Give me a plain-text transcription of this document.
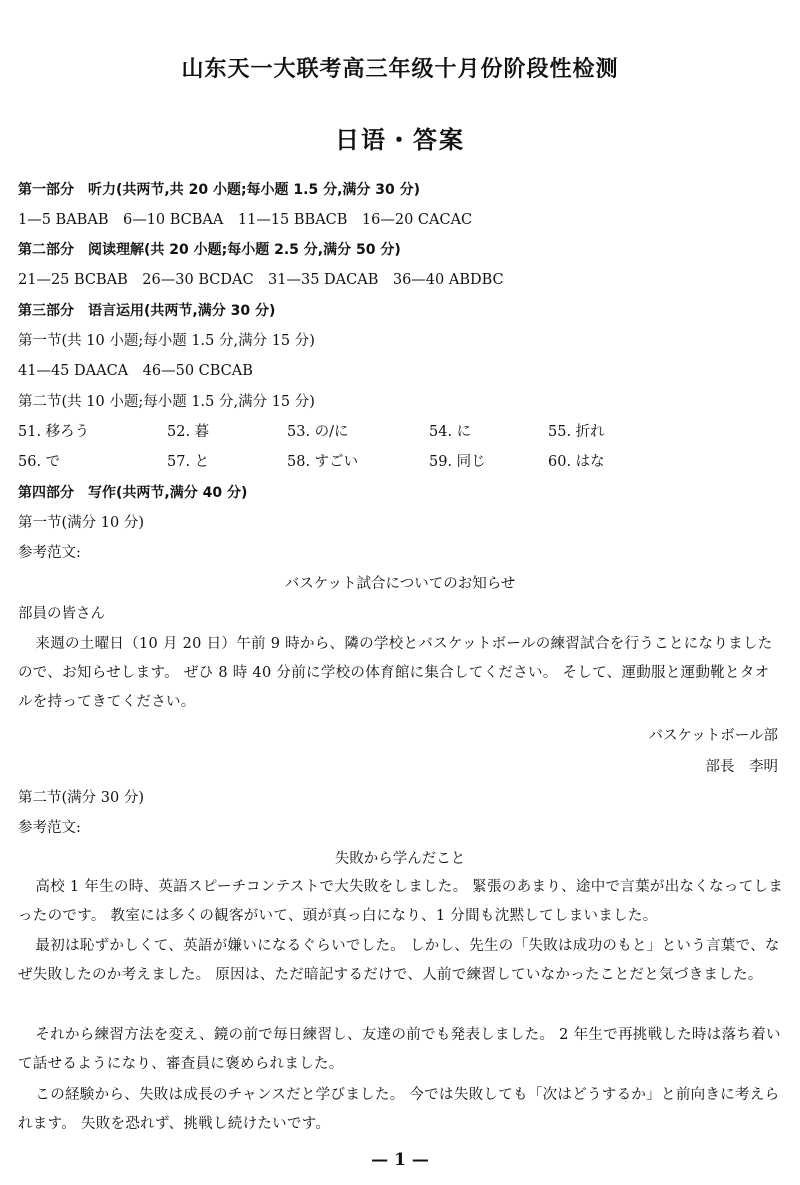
山东天一大联考高三年级十月份阶段性检测
日语・答案
第一部分　听力(共两节,共 20 小题;每小题 1.5 分,满分 30 分)
1—5 BABAB　6—10 BCBAA　11—15 BBACB　16—20 CACAC
第二部分　阅读理解(共 20 小题;每小题 2.5 分,满分 50 分)
21—25 BCBAB　26—30 BCDAC　31—35 DACAB　36—40 ABDBC
第三部分　语言运用(共两节,满分 30 分)
第一节(共 10 小题;每小题 1.5 分,满分 15 分)
41—45 DAACA　46—50 CBCAB
第二节(共 10 小题;每小题 1.5 分,满分 15 分)
51. 移ろう	52. 暮	53. の/に	54. に	55. 折れ
56. で	57. と	58. すごい	59. 同じ	60. はな
第四部分　写作(共两节,满分 40 分)
第一节(满分 10 分)
参考范文:
バスケット試合についてのお知らせ
部員の皆さん

来週の土曜日（10 月 20 日）午前 9 時から、隣の学校とバスケットボールの練習試合を行うことになりましたので、お知らせします。 ぜひ 8 時 40 分前に学校の体育館に集合してください。 そして、運動服と運動靴とタオルを持ってきてください。

バスケットボール部
部長　李明
第二节(满分 30 分)
参考范文:
失敗から学んだこと

高校 1 年生の時、英語スピーチコンテストで大失敗をしました。 緊張のあまり、途中で言葉が出なくなってしまったのです。 教室には多くの観客がいて、頭が真っ白になり、1 分間も沈黙してしまいました。

最初は恥ずかしくて、英語が嫌いになるぐらいでした。 しかし、先生の「失敗は成功のもと」という言葉で、なぜ失敗したのか考えました。 原因は、ただ暗記するだけで、人前で練習していなかったことだと気づきました。

それから練習方法を変え、鏡の前で毎日練習し、友達の前でも発表しました。 2 年生で再挑戦した時は落ち着いて話せるようになり、審査員に褒められました。

この経験から、失敗は成長のチャンスだと学びました。 今では失敗しても「次はどうするか」と前向きに考えられます。 失敗を恐れず、挑戦し続けたいです。

— 1 —
